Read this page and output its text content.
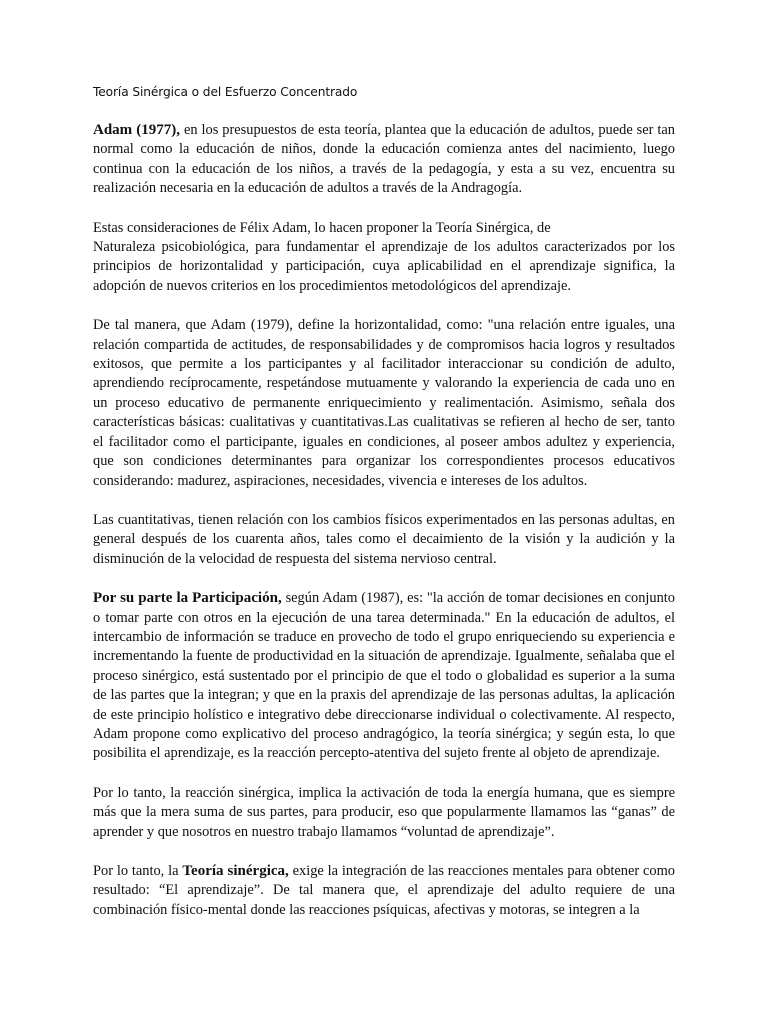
Teoría Sinérgica o del Esfuerzo Concentrado

Adam (1977), en los presupuestos de esta teoría, plantea que la educación de adultos, puede ser tan normal como la educación de niños, donde la educación comienza antes del nacimiento, luego continua con la educación de los niños, a través de la pedagogía, y esta a su vez, encuentra su realización necesaria en la educación de adultos a través de la Andragogía.

Estas consideraciones de Félix Adam, lo hacen proponer la Teoría Sinérgica, de
Naturaleza psicobiológica, para fundamentar el aprendizaje de los adultos caracterizados por los principios de horizontalidad y participación, cuya aplicabilidad en el aprendizaje significa, la adopción de nuevos criterios en los procedimientos metodológicos del aprendizaje.

De tal manera, que Adam (1979), define la horizontalidad, como: "una relación entre iguales, una relación compartida de actitudes, de responsabilidades y de compromisos hacia logros y resultados exitosos, que permite a los participantes y al facilitador interaccionar su condición de adulto, aprendiendo recíprocamente, respetándose mutuamente y valorando la experiencia de cada uno en un proceso educativo de permanente enriquecimiento y realimentación. Asimismo, señala dos características básicas: cualitativas y cuantitativas.Las cualitativas se refieren al hecho de ser, tanto el facilitador como el participante, iguales en condiciones, al poseer ambos adultez y experiencia, que son condiciones determinantes para organizar los correspondientes procesos educativos considerando: madurez, aspiraciones, necesidades, vivencia e intereses de los adultos.

Las cuantitativas, tienen relación con los cambios físicos experimentados en las personas adultas, en general después de los cuarenta años, tales como el decaimiento de la visión y la audición y la disminución de la velocidad de respuesta del sistema nervioso central.

Por su parte la Participación, según Adam (1987), es: "la acción de tomar decisiones en conjunto o tomar parte con otros en la ejecución de una tarea determinada." En la educación de adultos, el intercambio de información se traduce en provecho de todo el grupo enriqueciendo su experiencia e incrementando la fuente de productividad en la situación de aprendizaje. Igualmente, señalaba que el proceso sinérgico, está sustentado por el principio de que el todo o globalidad es superior a la suma de las partes que la integran; y que en la praxis del aprendizaje de las personas adultas, la aplicación de este principio holístico e integrativo debe direccionarse individual o colectivamente. Al respecto, Adam propone como explicativo del proceso andragógico, la teoría sinérgica; y según esta, lo que posibilita el aprendizaje, es la reacción percepto-atentiva del sujeto frente al objeto de aprendizaje.

Por lo tanto, la reacción sinérgica, implica la activación de toda la energía humana, que es siempre más que la mera suma de sus partes, para producir, eso que popularmente llamamos las “ganas” de aprender y que nosotros en nuestro trabajo llamamos “voluntad de aprendizaje”.

Por lo tanto, la Teoría sinérgica, exige la integración de las reacciones mentales para obtener como resultado: “El aprendizaje”. De tal manera que, el aprendizaje del adulto requiere de una combinación físico-mental donde las reacciones psíquicas, afectivas y motoras, se integren a la
